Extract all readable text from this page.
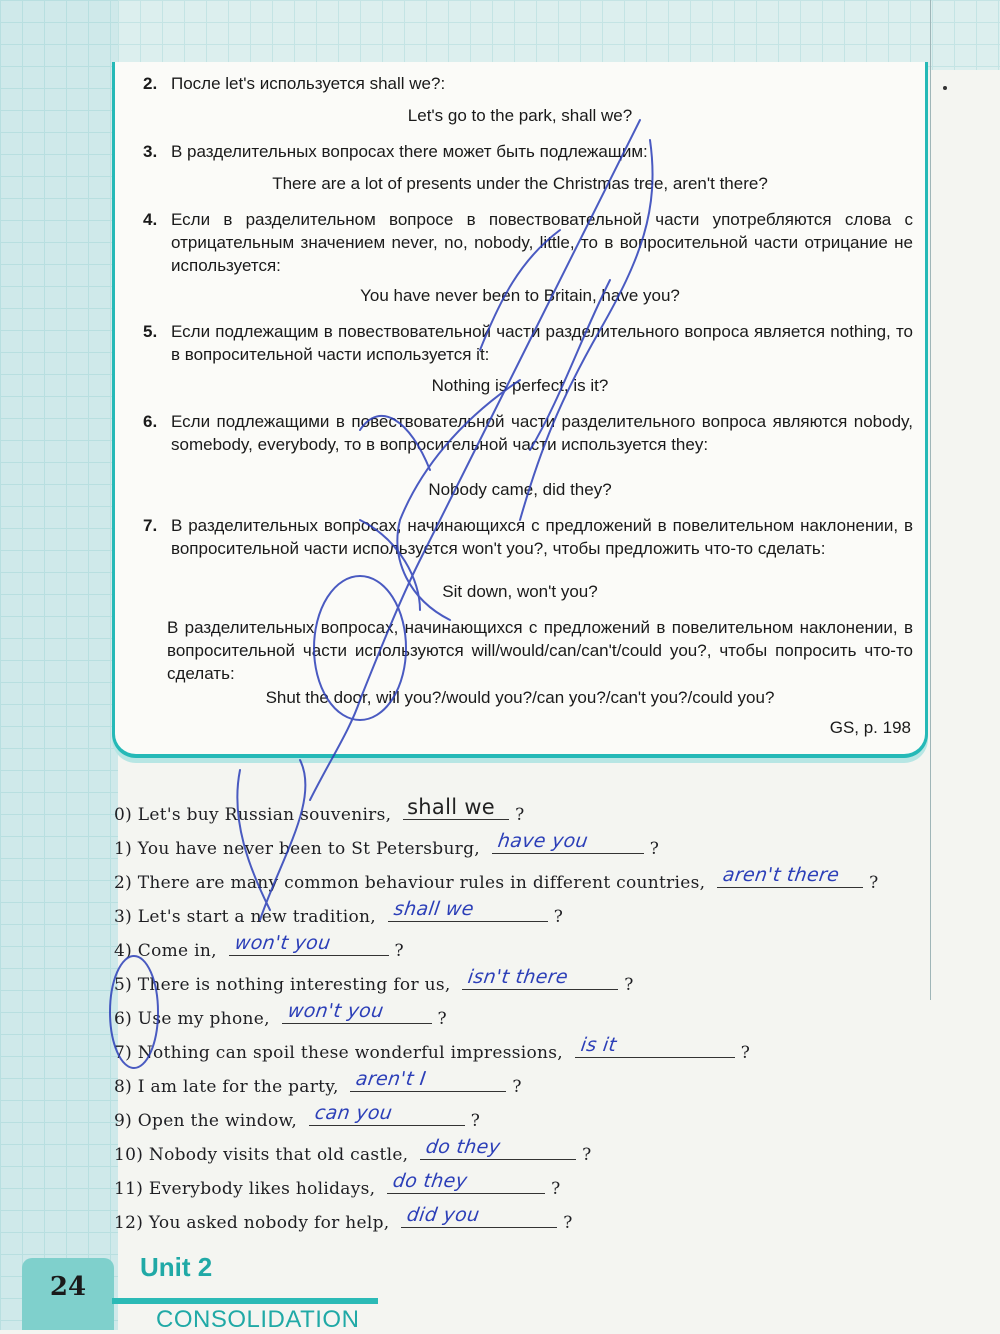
2. После let's используется shall we?:
Let's go to the park, shall we?
3. В разделительных вопросах there может быть подлежащим:
There are a lot of presents under the Christmas tree, aren't there?
4. Если в разделительном вопросе в повествовательной части употребляются слова с отрицательным значением never, no, nobody, little, то в вопросительной части отрицание не используется:
You have never been to Britain, have you?
5. Если подлежащим в повествовательной части разделительного вопроса является nothing, то в вопросительной части используется it:
Nothing is perfect, is it?
6. Если подлежащими в повествовательной части разделительного вопроса являются nobody, somebody, everybody, то в вопросительной части используется they:
Nobody came, did they?
7. В разделительных вопросах, начинающихся с предложений в повелительном наклонении, в вопросительной части используется won't you?, чтобы предложить что-то сделать:
Sit down, won't you?
В разделительных вопросах, начинающихся с предложений в повелительном наклонении, в вопросительной части используются will/would/can/can't/could you?, чтобы попросить что-то сделать:
Shut the door, will you?/would you?/can you?/can't you?/could you?
GS, p. 198
0) Let's buy Russian souvenirs, shall we ?
1) You have never been to St Petersburg, have you	?
2) There are many common behaviour rules in different countries, aren't there ?
3) Let's start a new tradition, shall we	?
4) Come in, won't you	?
5) There is nothing interesting for us, isn't there	?
6) Use my phone, won't you	?
7) Nothing can spoil these wonderful impressions, is it	?
8) I am late for the party, aren't I	?
9) Open the window, can you	?
10) Nobody visits that old castle, do they	?
11) Everybody likes holidays, do they	?
12) You asked nobody for help, did you	?
24
Unit 2
CONSOLIDATION
